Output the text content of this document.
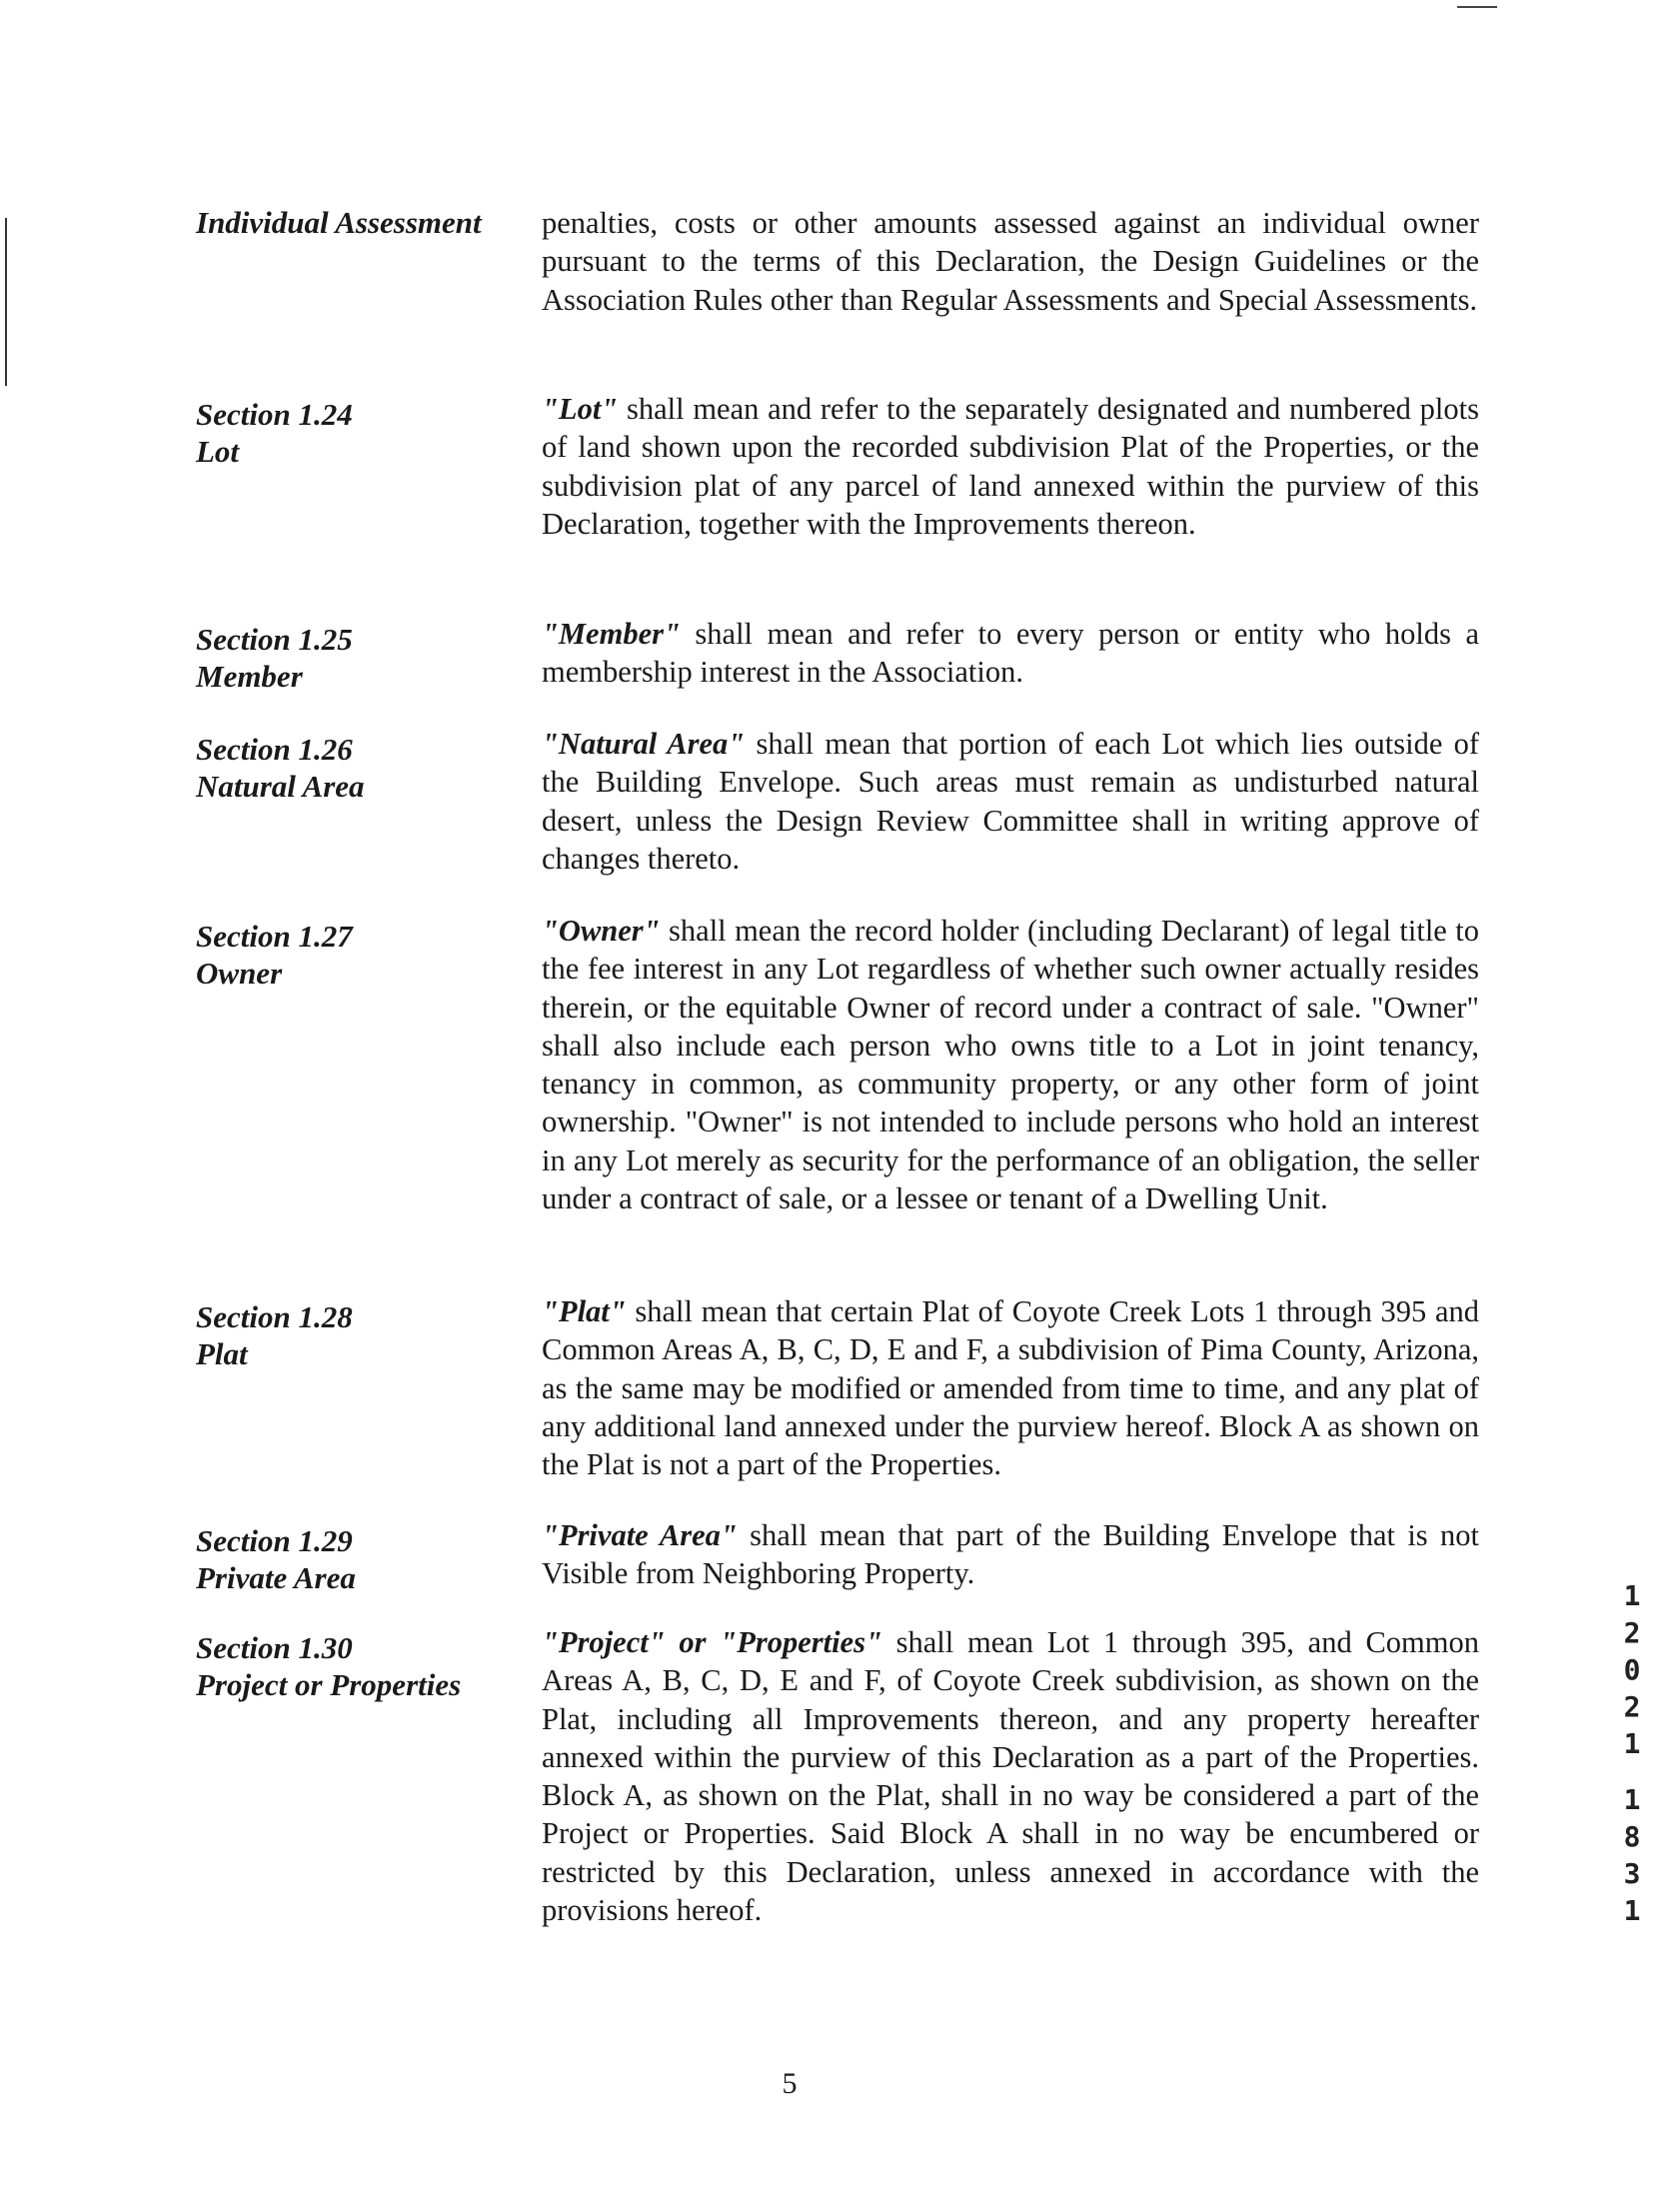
Individual Assessment	penalties, costs or other amounts assessed against an individual owner pursuant to the terms of this Declaration, the Design Guidelines or the Association Rules other than Regular Assessments and Special Assessments.
Section 1.24
Lot
"Lot" shall mean and refer to the separately designated and numbered plots of land shown upon the recorded subdivision Plat of the Properties, or the subdivision plat of any parcel of land annexed within the purview of this Declaration, together with the Improvements thereon.
Section 1.25
Member
"Member" shall mean and refer to every person or entity who holds a membership interest in the Association.
Section 1.26
Natural Area
"Natural Area" shall mean that portion of each Lot which lies outside of the Building Envelope. Such areas must remain as undisturbed natural desert, unless the Design Review Committee shall in writing approve of changes thereto.
Section 1.27
Owner
"Owner" shall mean the record holder (including Declarant) of legal title to the fee interest in any Lot regardless of whether such owner actually resides therein, or the equitable Owner of record under a contract of sale. "Owner" shall also include each person who owns title to a Lot in joint tenancy, tenancy in common, as community property, or any other form of joint ownership. "Owner" is not intended to include persons who hold an interest in any Lot merely as security for the performance of an obligation, the seller under a contract of sale, or a lessee or tenant of a Dwelling Unit.
Section 1.28
Plat
"Plat" shall mean that certain Plat of Coyote Creek Lots 1 through 395 and Common Areas A, B, C, D, E and F, a subdivision of Pima County, Arizona, as the same may be modified or amended from time to time, and any plat of any additional land annexed under the purview hereof. Block A as shown on the Plat is not a part of the Properties.
Section 1.29
Private Area
"Private Area" shall mean that part of the Building Envelope that is not Visible from Neighboring Property.
Section 1.30
Project or Properties
"Project" or "Properties" shall mean Lot 1 through 395, and Common Areas A, B, C, D, E and F, of Coyote Creek subdivision, as shown on the Plat, including all Improvements thereon, and any property hereafter annexed within the purview of this Declaration as a part of the Properties. Block A, as shown on the Plat, shall in no way be considered a part of the Project or Properties. Said Block A shall in no way be encumbered or restricted by this Declaration, unless annexed in accordance with the provisions hereof.
5
1
2
0
2
1
1
8
3
1
